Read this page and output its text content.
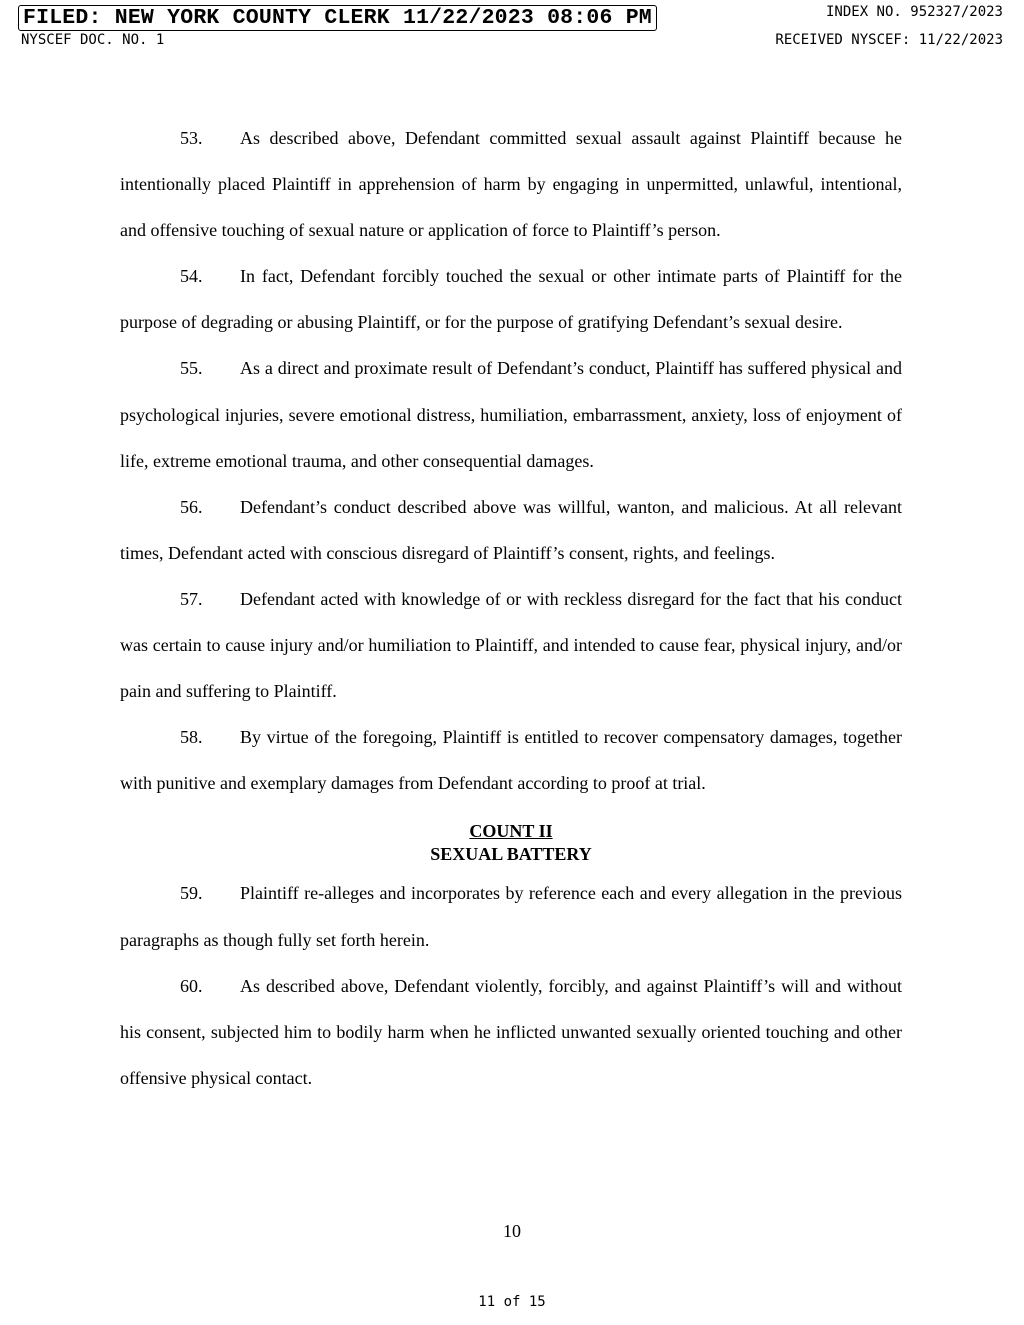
FILED: NEW YORK COUNTY CLERK 11/22/2023 08:06 PM	INDEX NO. 952327/2023
NYSCEF DOC. NO. 1	RECEIVED NYSCEF: 11/22/2023

53. As described above, Defendant committed sexual assault against Plaintiff because he intentionally placed Plaintiff in apprehension of harm by engaging in unpermitted, unlawful, intentional, and offensive touching of sexual nature or application of force to Plaintiff’s person.

54. In fact, Defendant forcibly touched the sexual or other intimate parts of Plaintiff for the purpose of degrading or abusing Plaintiff, or for the purpose of gratifying Defendant’s sexual desire.

55. As a direct and proximate result of Defendant’s conduct, Plaintiff has suffered physical and psychological injuries, severe emotional distress, humiliation, embarrassment, anxiety, loss of enjoyment of life, extreme emotional trauma, and other consequential damages.

56. Defendant’s conduct described above was willful, wanton, and malicious. At all relevant times, Defendant acted with conscious disregard of Plaintiff’s consent, rights, and feelings.

57. Defendant acted with knowledge of or with reckless disregard for the fact that his conduct was certain to cause injury and/or humiliation to Plaintiff, and intended to cause fear, physical injury, and/or pain and suffering to Plaintiff.

58. By virtue of the foregoing, Plaintiff is entitled to recover compensatory damages, together with punitive and exemplary damages from Defendant according to proof at trial.

COUNT II

SEXUAL BATTERY

59. Plaintiff re-alleges and incorporates by reference each and every allegation in the previous paragraphs as though fully set forth herein.

60. As described above, Defendant violently, forcibly, and against Plaintiff’s will and without his consent, subjected him to bodily harm when he inflicted unwanted sexually oriented touching and other offensive physical contact.

10
11 of 15
